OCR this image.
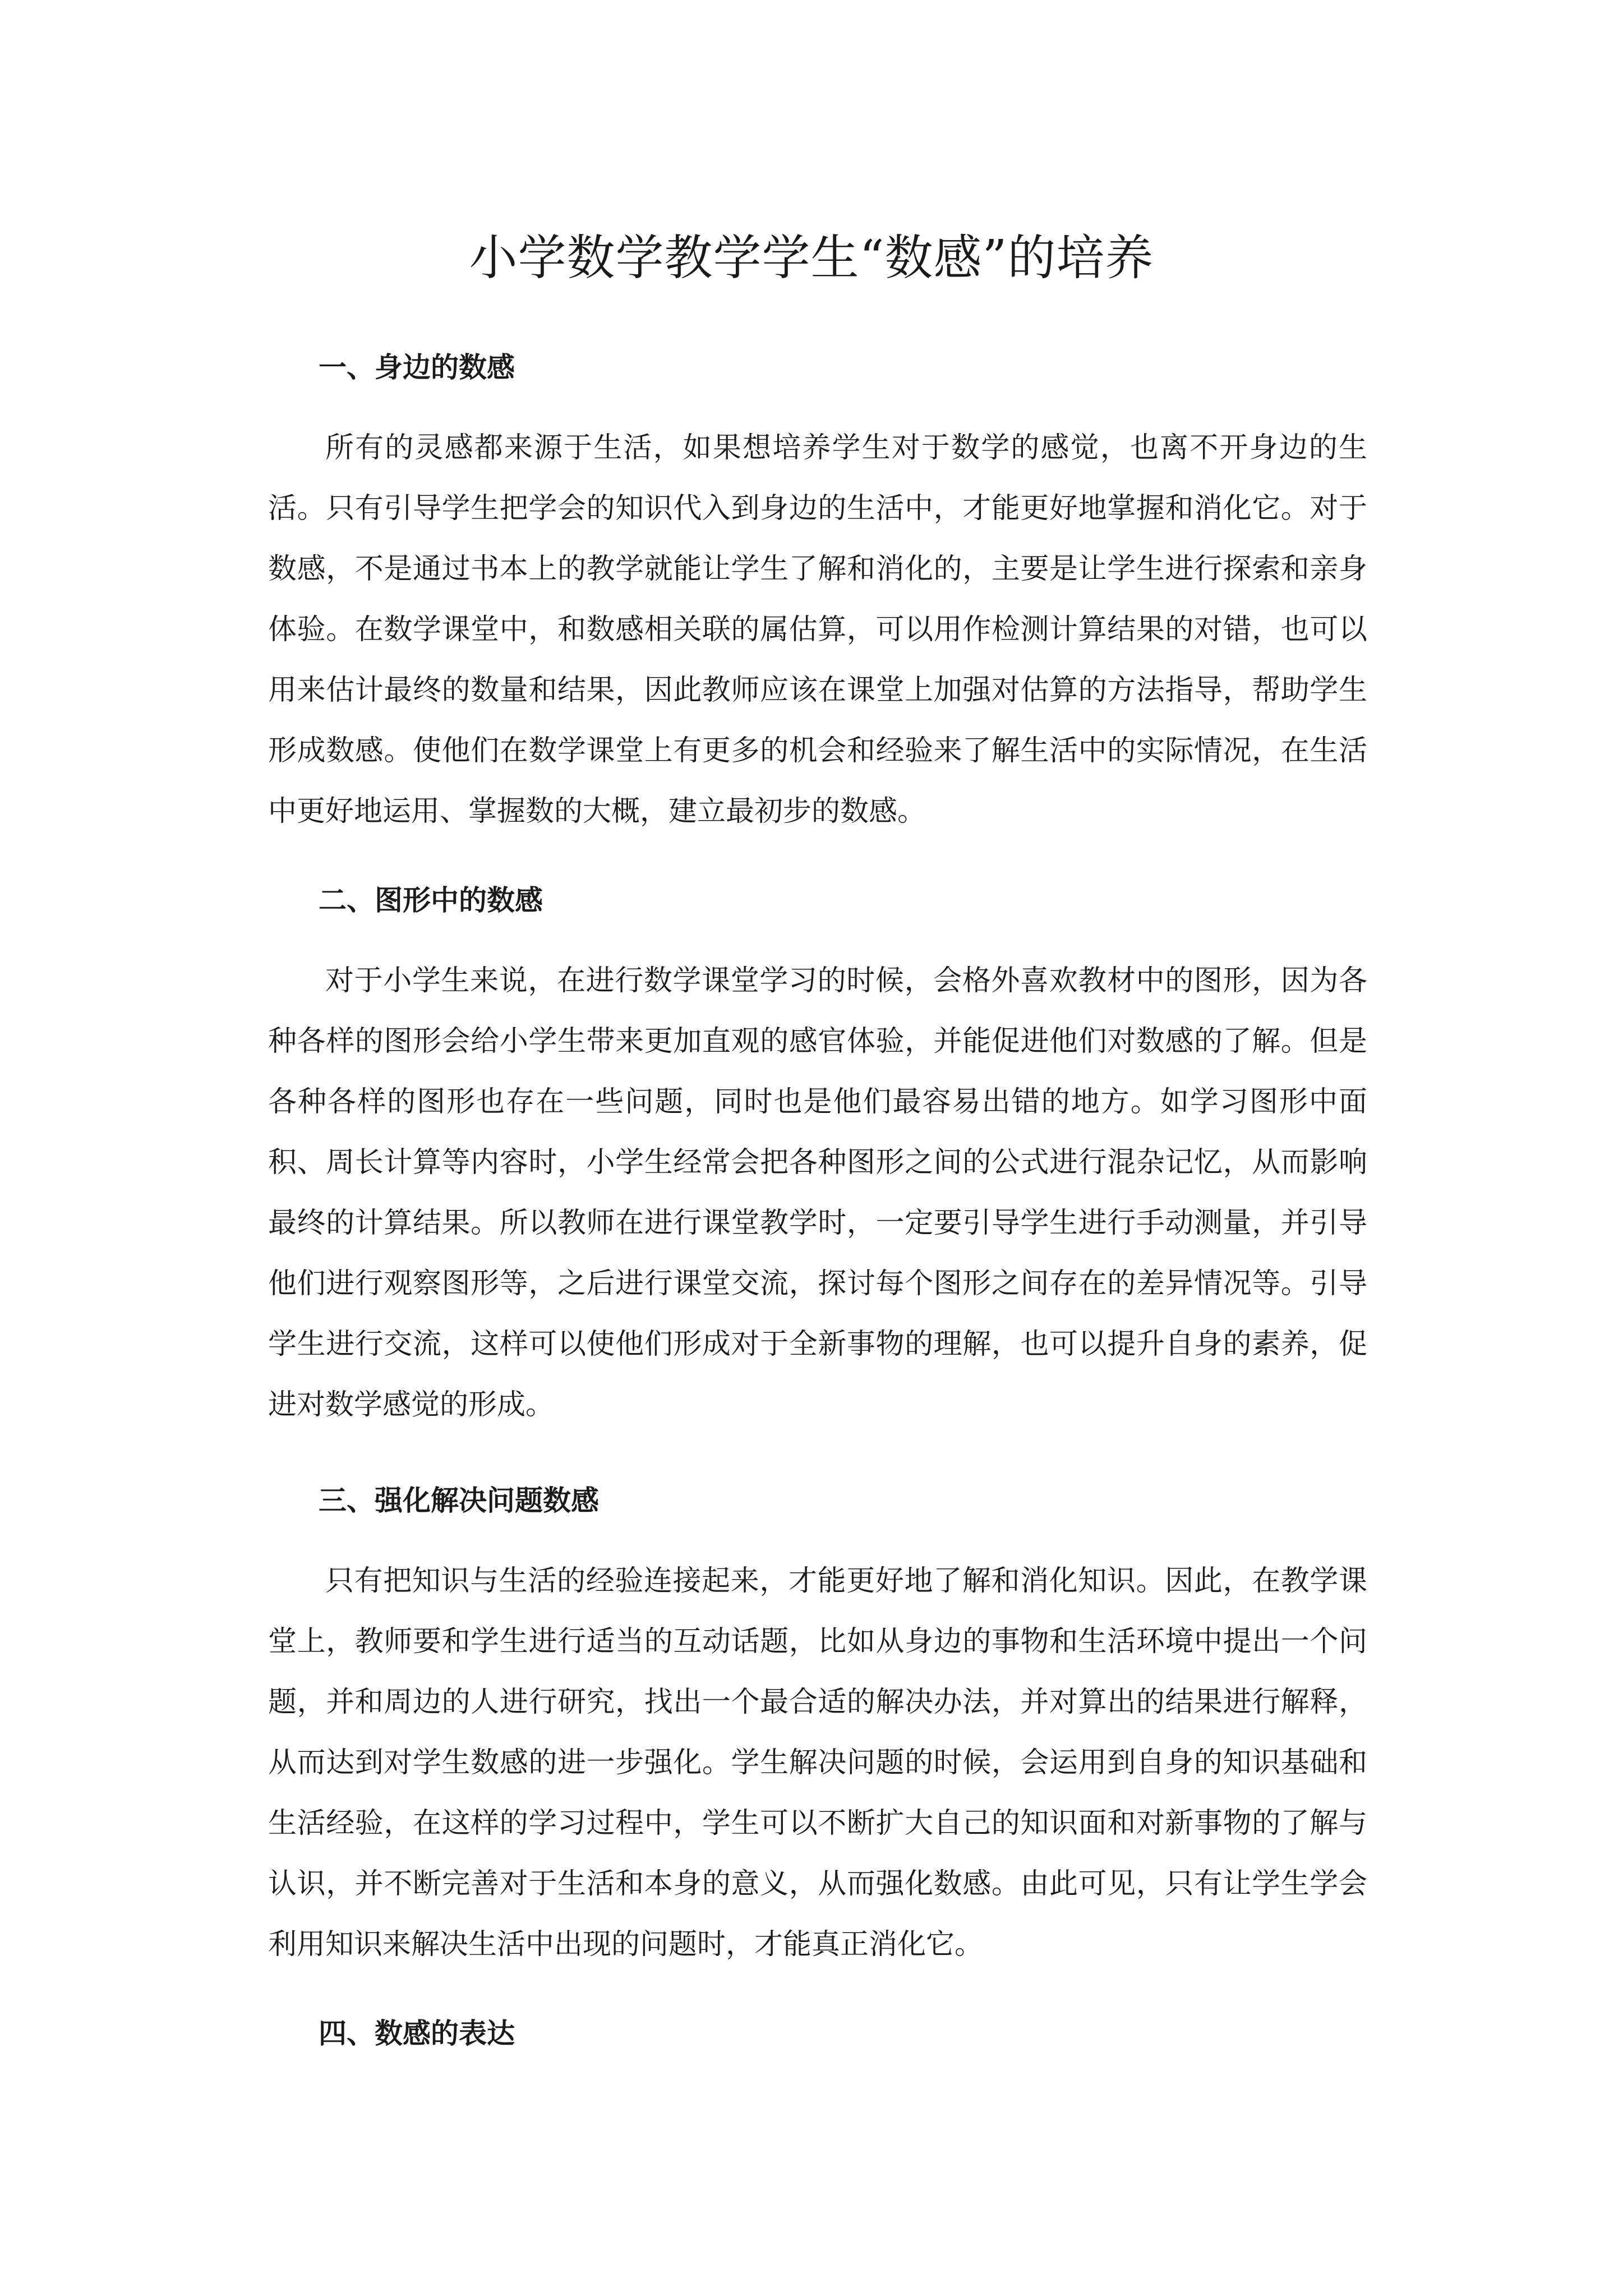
小学数学教学学生“数感”的培养
一、身边的数感

所有的灵感都来源于生活，如果想培养学生对于数学的感觉，也离不开身边的生活。只有引导学生把学会的知识代入到身边的生活中，才能更好地掌握和消化它。对于数感，不是通过书本上的教学就能让学生了解和消化的，主要是让学生进行探索和亲身体验。在数学课堂中，和数感相关联的属估算，可以用作检测计算结果的对错，也可以用来估计最终的数量和结果，因此教师应该在课堂上加强对估算的方法指导，帮助学生形成数感。使他们在数学课堂上有更多的机会和经验来了解生活中的实际情况，在生活中更好地运用、掌握数的大概，建立最初步的数感。

二、图形中的数感

对于小学生来说，在进行数学课堂学习的时候，会格外喜欢教材中的图形，因为各种各样的图形会给小学生带来更加直观的感官体验，并能促进他们对数感的了解。但是各种各样的图形也存在一些问题，同时也是他们最容易出错的地方。如学习图形中面积、周长计算等内容时，小学生经常会把各种图形之间的公式进行混杂记忆，从而影响最终的计算结果。所以教师在进行课堂教学时，一定要引导学生进行手动测量，并引导他们进行观察图形等，之后进行课堂交流，探讨每个图形之间存在的差异情况等。引导学生进行交流，这样可以使他们形成对于全新事物的理解，也可以提升自身的素养，促进对数学感觉的形成。

三、强化解决问题数感

只有把知识与生活的经验连接起来，才能更好地了解和消化知识。因此，在教学课堂上，教师要和学生进行适当的互动话题，比如从身边的事物和生活环境中提出一个问题，并和周边的人进行研究，找出一个最合适的解决办法，并对算出的结果进行解释，从而达到对学生数感的进一步强化。学生解决问题的时候，会运用到自身的知识基础和生活经验，在这样的学习过程中，学生可以不断扩大自己的知识面和对新事物的了解与认识，并不断完善对于生活和本身的意义，从而强化数感。由此可见，只有让学生学会利用知识来解决生活中出现的问题时，才能真正消化它。

四、数感的表达
